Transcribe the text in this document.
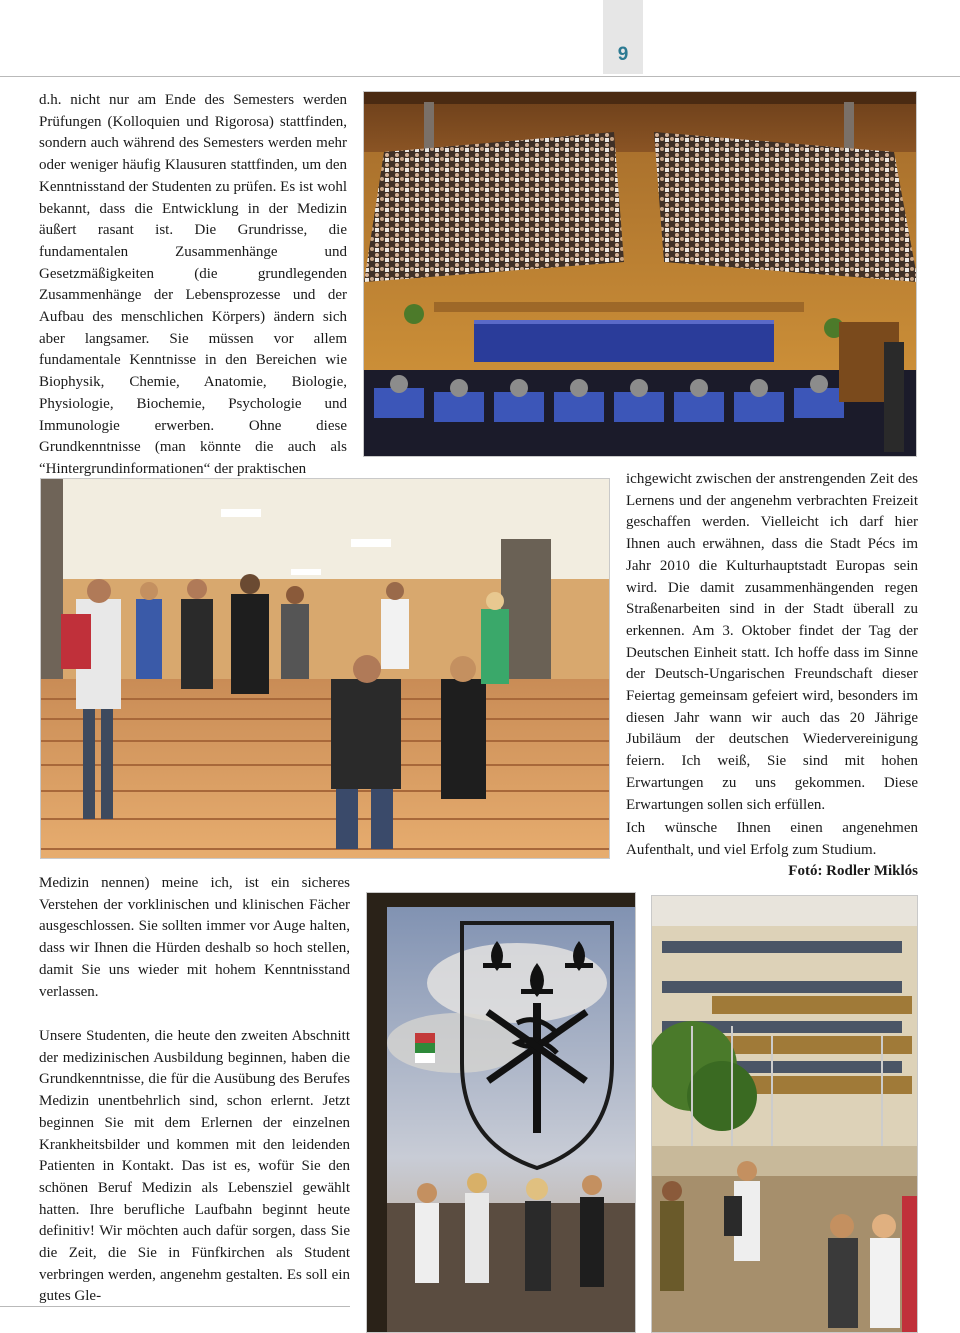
9

d.h. nicht nur am Ende des Semesters werden Prüfungen (Kolloquien und Rigorosa) stattfinden, sondern auch während des Semesters werden mehr oder weniger häufig Klausuren stattfinden, um den Kenntnisstand der Studenten zu prüfen. Es ist wohl bekannt, dass die Entwicklung in der Medizin äußert rasant ist. Die Grundrisse, die fundamentalen Zusammenhänge und Gesetzmäßigkeiten (die grundlegenden Zusammenhänge der Lebensprozesse und der Aufbau des menschlichen Körpers) ändern sich aber langsamer. Sie müssen vor allem fundamentale Kenntnisse in den Bereichen wie Biophysik, Chemie, Anatomie, Biologie, Physiologie, Biochemie, Psychologie und Immunologie erwerben. Ohne diese Grundkenntnisse (man könnte die auch als “Hintergrundinformationen“ der praktischen

ichgewicht zwischen der anstrengenden Zeit des Lernens und der angenehm verbrachten Freizeit geschaffen werden. Vielleicht ich darf hier Ihnen auch erwähnen, dass die Stadt Pécs im Jahr 2010 die Kulturhauptstadt Europas sein wird. Die damit zusammenhängenden regen Straßenarbeiten sind in der Stadt überall zu erkennen. Am 3. Oktober findet der Tag der Deutschen Einheit statt. Ich hoffe dass im Sinne der Deutsch-Ungarischen Freundschaft dieser Feiertag gemeinsam gefeiert wird, besonders im diesen Jahr wann wir auch das 20 Jährige Jubiläum der deutschen Wiedervereinigung feiern. Ich weiß, Sie sind mit hohen Erwartungen zu uns gekommen. Diese Erwartungen sollen sich erfüllen.

Ich wünsche Ihnen einen angenehmen Aufenthalt, und viel Erfolg zum Studium.

Fotó: Rodler Miklós

Medizin nennen) meine ich, ist ein sicheres Verstehen der vorklinischen und klinischen Fächer ausgeschlossen. Sie sollten immer vor Auge halten, dass wir Ihnen die Hürden deshalb so hoch stellen, damit Sie uns wieder mit hohem Kenntnisstand verlassen.

Unsere Studenten, die heute den zweiten Abschnitt der medizinischen Ausbildung beginnen, haben die Grundkenntnisse, die für die Ausübung des Berufes Medizin unentbehrlich sind, schon erlernt. Jetzt beginnen Sie mit dem Erlernen der einzelnen Krankheitsbilder und kommen mit den leidenden Patienten in Kontakt. Das ist es, wofür Sie den schönen Beruf Medizin als Lebensziel gewählt hatten. Ihre berufliche Laufbahn beginnt heute definitiv! Wir möchten auch dafür sorgen, dass Sie die Zeit, die Sie in Fünfkirchen als Student verbringen werden, angenehm gestalten. Es soll ein gutes Gle-
